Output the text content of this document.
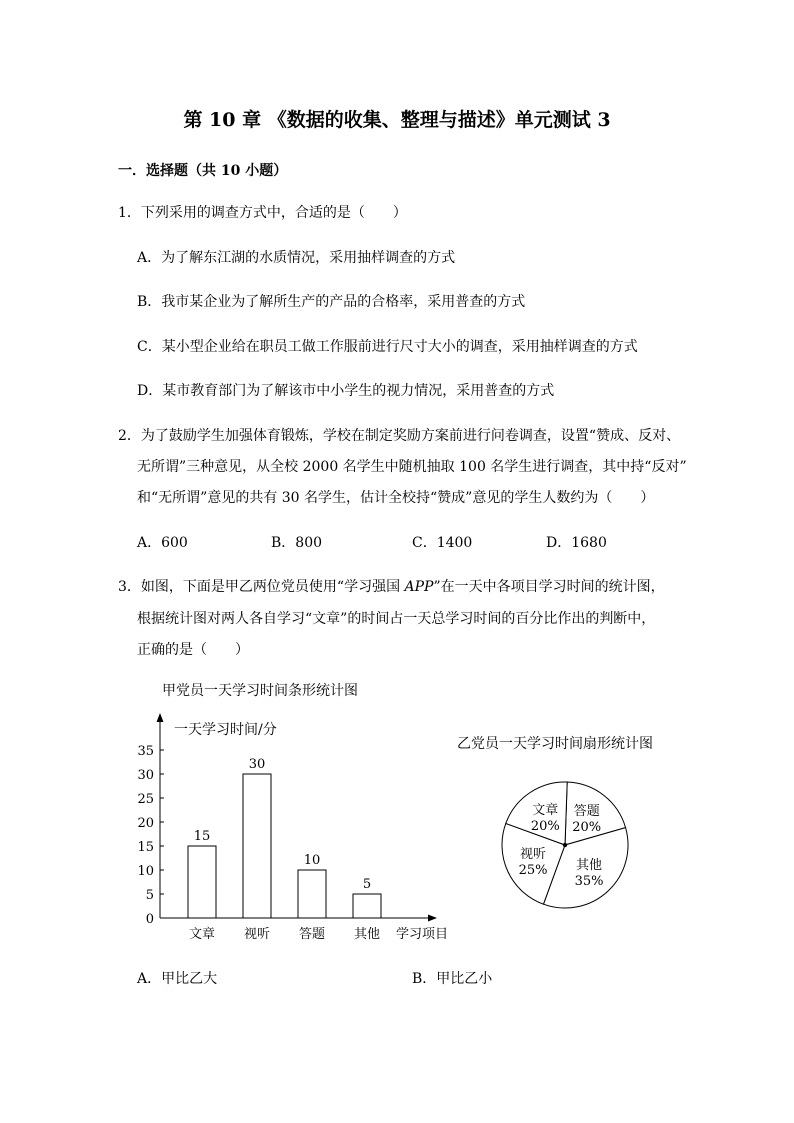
第 10 章 《数据的收集、整理与描述》单元测试 3
一．选择题（共 10 小题）
1．下列采用的调查方式中，合适的是（　　）
A．为了解东江湖的水质情况，采用抽样调查的方式
B．我市某企业为了解所生产的产品的合格率，采用普查的方式
C．某小型企业给在职员工做工作服前进行尺寸大小的调查，采用抽样调查的方式
D．某市教育部门为了解该市中小学生的视力情况，采用普查的方式
2．为了鼓励学生加强体育锻炼，学校在制定奖励方案前进行问卷调查，设置“赞成、反对、
无所谓”三种意见，从全校 2000 名学生中随机抽取 100 名学生进行调查，其中持“反对”
和“无所谓”意见的共有 30 名学生，估计全校持“赞成”意见的学生人数约为（　　）
A．600	B．800	C．1400	D．1680
3．如图，下面是甲乙两位党员使用“学习强国 APP”在一天中各项目学习时间的统计图，
根据统计图对两人各自学习“文章”的时间占一天总学习时间的百分比作出的判断中，
正确的是（　　）
甲党员一天学习时间条形统计图
一天学习时间/分
0
5
10
15
20
25
30
35
15
文章
30
视听
10
答题
5
其他 学习项目
乙党员一天学习时间扇形统计图
答题
20%
其他
35%
视听
25%
文章
20%
A．甲比乙大	B．甲比乙小
